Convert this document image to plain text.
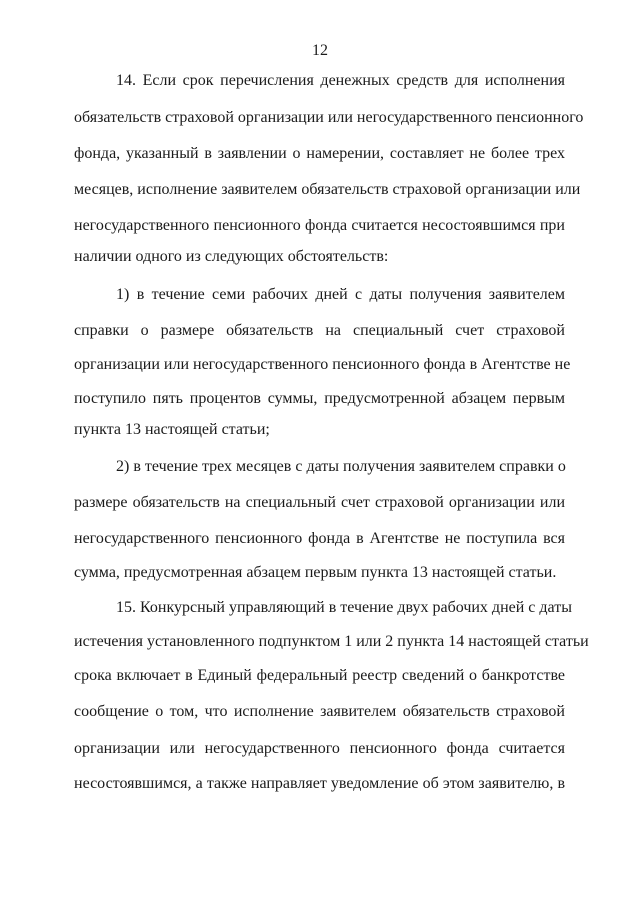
12
14. Если срок перечисления денежных средств для исполнения
обязательств страховой организации или негосударственного пенсионного
фонда, указанный в заявлении о намерении, составляет не более трех
месяцев, исполнение заявителем обязательств страховой организации или
негосударственного пенсионного фонда считается несостоявшимся при
наличии одного из следующих обстоятельств:
1) в течение семи рабочих дней с даты получения заявителем
справки о размере обязательств на специальный счет страховой
организации или негосударственного пенсионного фонда в Агентстве не
поступило пять процентов суммы, предусмотренной абзацем первым
пункта 13 настоящей статьи;
2) в течение трех месяцев с даты получения заявителем справки о
размере обязательств на специальный счет страховой организации или
негосударственного пенсионного фонда в Агентстве не поступила вся
сумма, предусмотренная абзацем первым пункта 13 настоящей статьи.
15. Конкурсный управляющий в течение двух рабочих дней с даты
истечения установленного подпунктом 1 или 2 пункта 14 настоящей статьи
срока включает в Единый федеральный реестр сведений о банкротстве
сообщение о том, что исполнение заявителем обязательств страховой
организации или негосударственного пенсионного фонда считается
несостоявшимся, а также направляет уведомление об этом заявителю, в
